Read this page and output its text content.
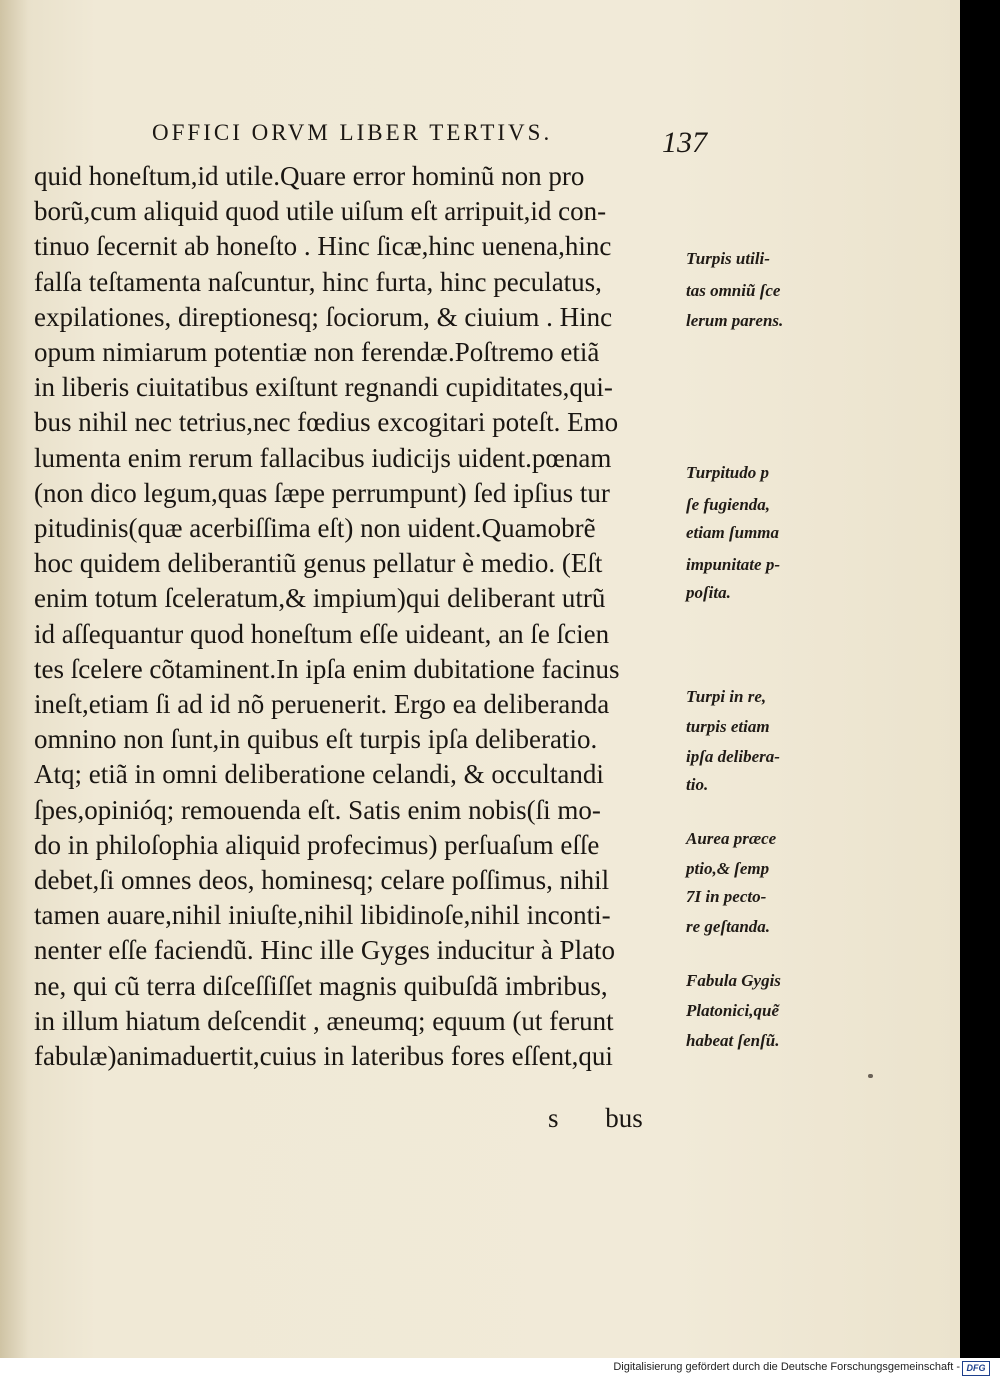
OFFICI ORVM LIBER TERTIVS.	137
quid honeſtum,id utile.Quare error hominũ non pro
borũ,cum aliquid quod utile uiſum eſt arripuit,id con-
tinuo ſecernit ab honeſto . Hinc ſicæ,hinc uenena,hinc
falſa teſtamenta naſcuntur, hinc furta, hinc peculatus,
expilationes, direptionesq; ſociorum, & ciuium . Hinc
opum nimiarum potentiæ non ferendæ.Poſtremo etiã
in liberis ciuitatibus exiſtunt regnandi cupiditates,qui-
bus nihil nec tetrius,nec fœdius excogitari poteſt. Emo
lumenta enim rerum fallacibus iudicijs uident.pœnam
(non dico legum,quas ſæpe perrumpunt) ſed ipſius tur
pitudinis(quæ acerbiſſima eſt) non uident.Quamobrẽ
hoc quidem deliberantiũ genus pellatur è medio. (Eſt
enim totum ſceleratum,& impium)qui deliberant utrũ
id aſſequantur quod honeſtum eſſe uideant, an ſe ſcien
tes ſcelere cõtaminent.In ipſa enim dubitatione facinus
ineſt,etiam ſi ad id nõ peruenerit. Ergo ea deliberanda
omnino non ſunt,in quibus eſt turpis ipſa deliberatio.
Atq; etiã in omni deliberatione celandi, & occultandi
ſpes,opinióq; remouenda eſt. Satis enim nobis(ſi mo-
do in philoſophia aliquid profecimus) perſuaſum eſſe
debet,ſi omnes deos, hominesq; celare poſſimus, nihil
tamen auare,nihil iniuſte,nihil libidinoſe,nihil inconti-
nenter eſſe faciendũ. Hinc ille Gyges inducitur à Plato
ne, qui cũ terra diſceſſiſſet magnis quibuſdã imbribus,
in illum hiatum deſcendit , æneumq; equum (ut ferunt
fabulæ)animaduertit,cuius in lateribus fores eſſent,qui
Turpis utili-
tas omniũ ſce
lerum parens.
Turpitudo p
ſe fugienda,
etiam ſumma
impunitate p-
poſita.
Turpi in re,
turpis etiam
ipſa delibera-
tio.
Aurea præce
ptio,& ſemp
7I in pecto-
re geſtanda.
Fabula Gygis
Platonici,quẽ
habeat ſenſũ.
s bus
Digitalisierung gefördert durch die Deutsche Forschungsgemeinschaft - DFG
